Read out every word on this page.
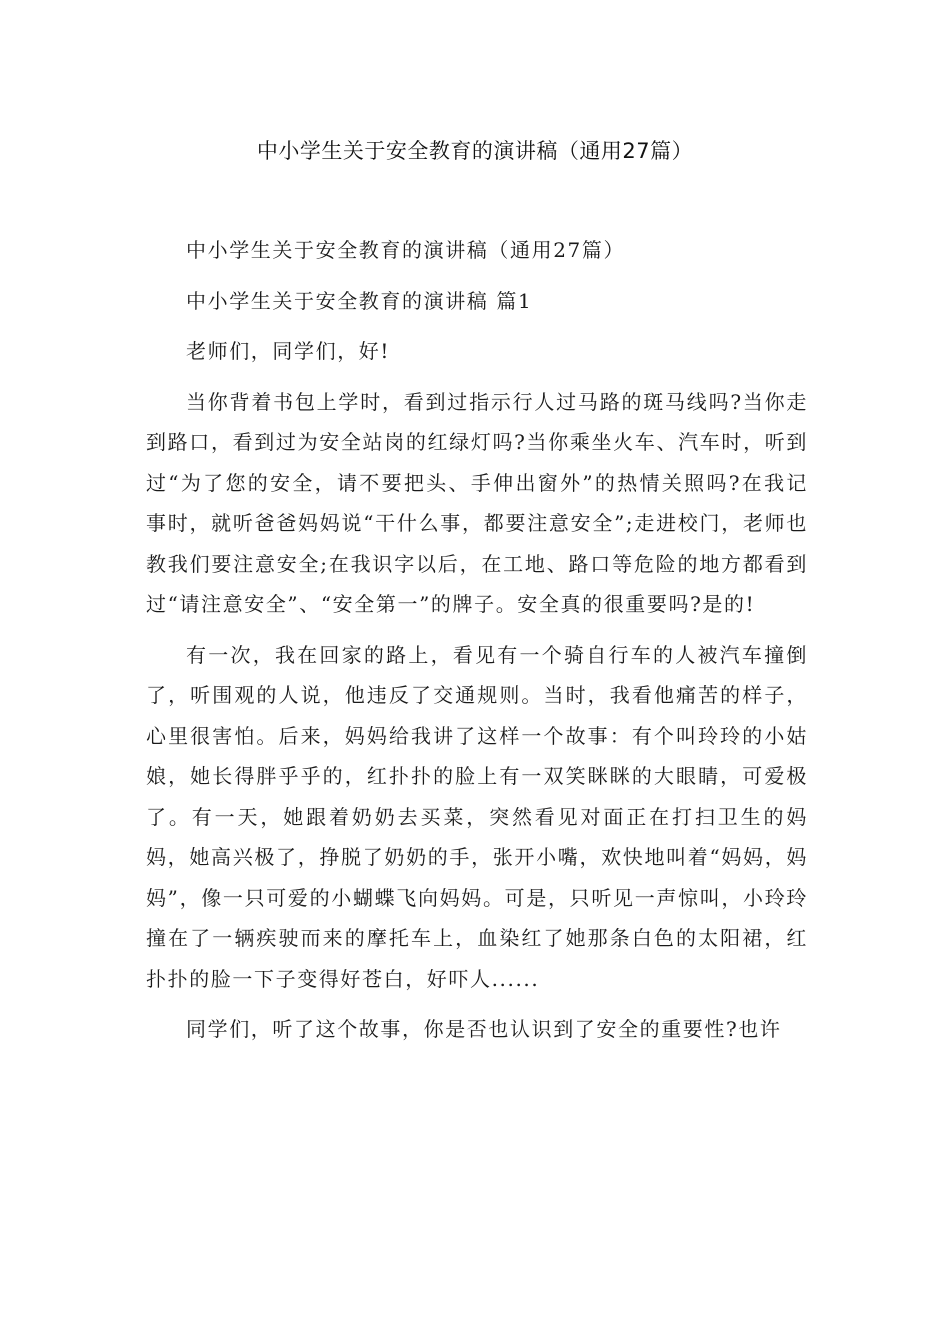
中小学生关于安全教育的演讲稿（通用27篇）

中小学生关于安全教育的演讲稿（通用27篇）

中小学生关于安全教育的演讲稿 篇1

老师们，同学们，好!

当你背着书包上学时，看到过指示行人过马路的斑马线吗?当你走到路口，看到过为安全站岗的红绿灯吗?当你乘坐火车、汽车时，听到过“为了您的安全，请不要把头、手伸出窗外”的热情关照吗?在我记事时，就听爸爸妈妈说“干什么事，都要注意安全”;走进校门，老师也教我们要注意安全;在我识字以后，在工地、路口等危险的地方都看到过“请注意安全”、“安全第一”的牌子。安全真的很重要吗?是的!

有一次，我在回家的路上，看见有一个骑自行车的人被汽车撞倒了，听围观的人说，他违反了交通规则。当时，我看他痛苦的样子，心里很害怕。后来，妈妈给我讲了这样一个故事：有个叫玲玲的小姑娘，她长得胖乎乎的，红扑扑的脸上有一双笑眯眯的大眼睛，可爱极了。有一天，她跟着奶奶去买菜，突然看见对面正在打扫卫生的妈妈，她高兴极了，挣脱了奶奶的手，张开小嘴，欢快地叫着“妈妈，妈妈”，像一只可爱的小蝴蝶飞向妈妈。可是，只听见一声惊叫，小玲玲撞在了一辆疾驶而来的摩托车上，血染红了她那条白色的太阳裙，红扑扑的脸一下子变得好苍白，好吓人......

同学们，听了这个故事，你是否也认识到了安全的重要性?也许
